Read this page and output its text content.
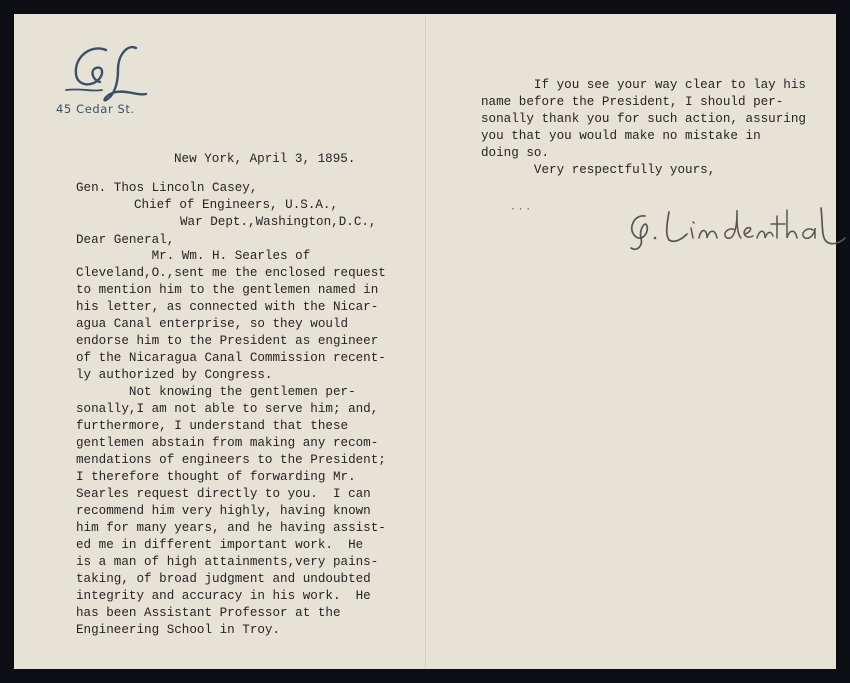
45 Cedar St.
New York, April 3, 1895.
Gen. Thos Lincoln Casey,
Chief of Engineers, U.S.A.,
War Dept.,Washington,D.C.,
Dear General,
Mr. Wm. H. Searles of
Cleveland,O.,sent me the enclosed request
to mention him to the gentlemen named in
his letter, as connected with the Nicar-
agua Canal enterprise, so they would
endorse him to the President as engineer
of the Nicaragua Canal Commission recent-
ly authorized by Congress.
Not knowing the gentlemen per-
sonally,I am not able to serve him; and,
furthermore, I understand that these
gentlemen abstain from making any recom-
mendations of engineers to the President;
I therefore thought of forwarding Mr.
Searles request directly to you.  I can
recommend him very highly, having known
him for many years, and he having assist-
ed me in different important work.  He
is a man of high attainments,very pains-
taking, of broad judgment and undoubted
integrity and accuracy in his work.  He
has been Assistant Professor at the
Engineering School in Troy.
If you see your way clear to lay his
name before the President, I should per-
sonally thank you for such action, assuring
you that you would make no mistake in
doing so.
Very respectfully yours,
· · ·
